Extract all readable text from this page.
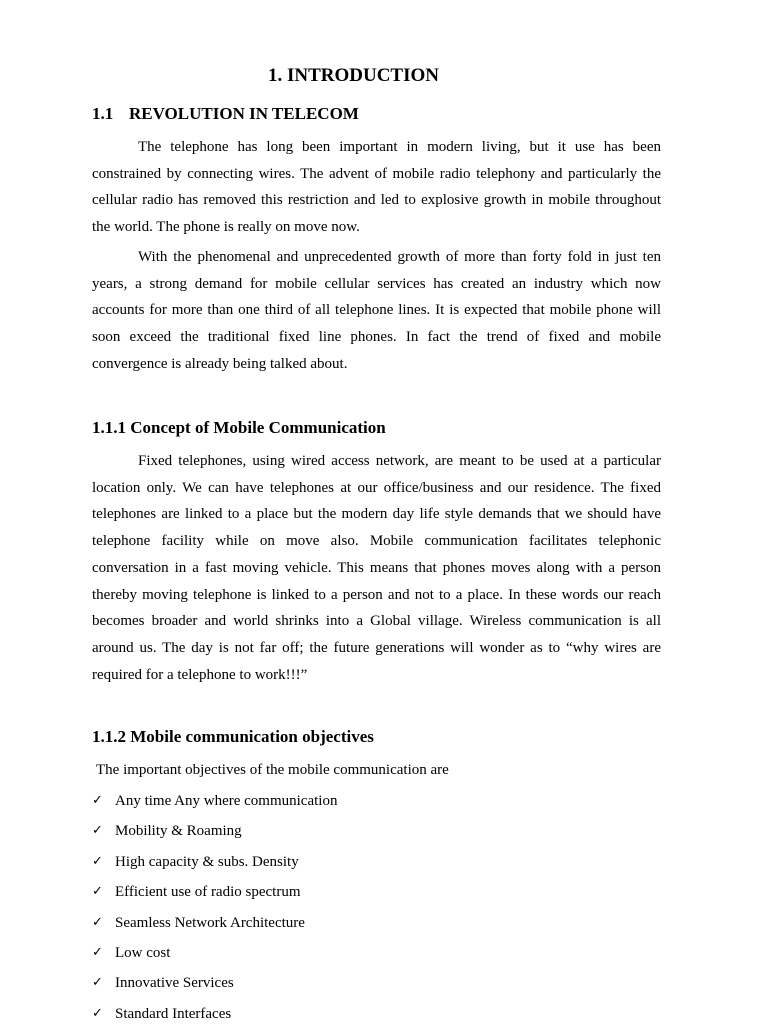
1. INTRODUCTION
1.1 REVOLUTION IN TELECOM

The telephone has long been important in modern living, but it use has been constrained by connecting wires. The advent of mobile radio telephony and particularly the cellular radio has removed this restriction and led to explosive growth in mobile throughout the world. The phone is really on move now.

With the phenomenal and unprecedented growth of more than forty fold in just ten years, a strong demand for mobile cellular services has created an industry which now accounts for more than one third of all telephone lines. It is expected that mobile phone will soon exceed the traditional fixed line phones. In fact the trend of fixed and mobile convergence is already being talked about.

1.1.1 Concept of Mobile Communication

Fixed telephones, using wired access network, are meant to be used at a particular location only. We can have telephones at our office/business and our residence. The fixed telephones are linked to a place but the modern day life style demands that we should have telephone facility while on move also. Mobile communication facilitates telephonic conversation in a fast moving vehicle. This means that phones moves along with a person thereby moving telephone is linked to a person and not to a place. In these words our reach becomes broader and world shrinks into a Global village. Wireless communication is all around us. The day is not far off; the future generations will wonder as to “why wires are required for a telephone to work!!!”

1.1.2 Mobile communication objectives

The important objectives of the mobile communication are

✓ Any time Any where communication
✓ Mobility & Roaming
✓ High capacity & subs. Density
✓ Efficient use of radio spectrum
✓ Seamless Network Architecture
✓ Low cost
✓ Innovative Services
✓ Standard Interfaces
